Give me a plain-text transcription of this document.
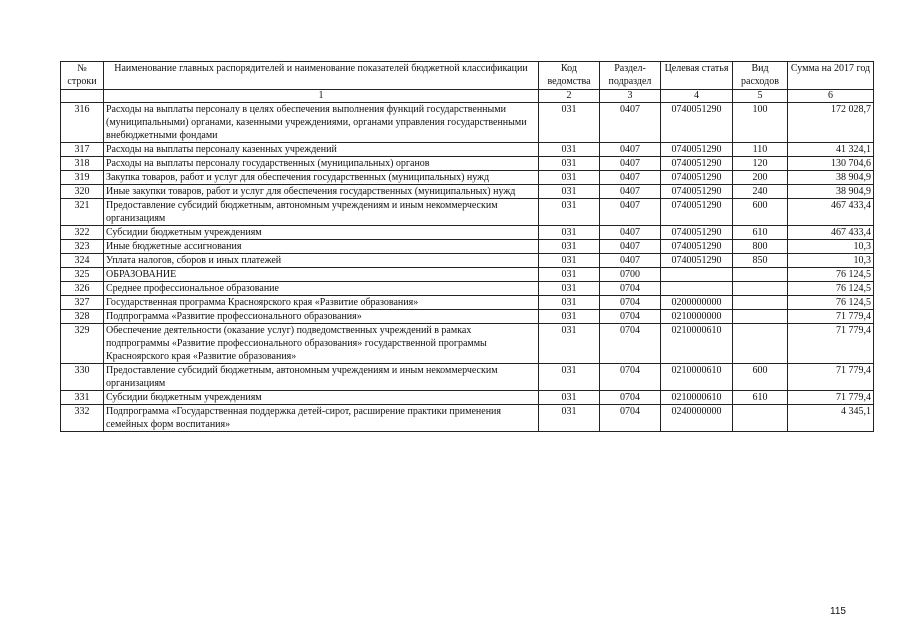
№ строки	Наименование главных распорядителей и наименование показателей бюджетной классификации	Код ведомства	Раздел-подраздел	Целевая статья	Вид расходов	Сумма на 2017 год
	1	2	3	4	5	6
316	Расходы на выплаты персоналу в целях обеспечения выполнения функций государственными (муниципальными) органами, казенными учреждениями, органами управления государственными внебюджетными фондами	031	0407	0740051290	100	172 028,7
317	Расходы на выплаты персоналу казенных учреждений	031	0407	0740051290	110	41 324,1
318	Расходы на выплаты персоналу государственных (муниципальных) органов	031	0407	0740051290	120	130 704,6
319	Закупка товаров, работ и услуг для обеспечения государственных (муниципальных) нужд	031	0407	0740051290	200	38 904,9
320	Иные закупки товаров, работ и услуг для обеспечения государственных (муниципальных) нужд	031	0407	0740051290	240	38 904,9
321	Предоставление субсидий бюджетным, автономным учреждениям и иным некоммерческим организациям	031	0407	0740051290	600	467 433,4
322	Субсидии бюджетным учреждениям	031	0407	0740051290	610	467 433,4
323	Иные бюджетные ассигнования	031	0407	0740051290	800	10,3
324	Уплата налогов, сборов и иных платежей	031	0407	0740051290	850	10,3
325	ОБРАЗОВАНИЕ	031	0700			76 124,5
326	Среднее профессиональное образование	031	0704			76 124,5
327	Государственная программа Красноярского края «Развитие образования»	031	0704	0200000000		76 124,5
328	Подпрограмма «Развитие профессионального образования»	031	0704	0210000000		71 779,4
329	Обеспечение деятельности (оказание услуг) подведомственных учреждений в рамках подпрограммы «Развитие профессионального образования» государственной программы Красноярского края «Развитие образования»	031	0704	0210000610		71 779,4
330	Предоставление субсидий бюджетным, автономным учреждениям и иным некоммерческим организациям	031	0704	0210000610	600	71 779,4
331	Субсидии бюджетным учреждениям	031	0704	0210000610	610	71 779,4
332	Подпрограмма «Государственная поддержка детей-сирот, расширение практики применения семейных форм воспитания»	031	0704	0240000000		4 345,1
115
